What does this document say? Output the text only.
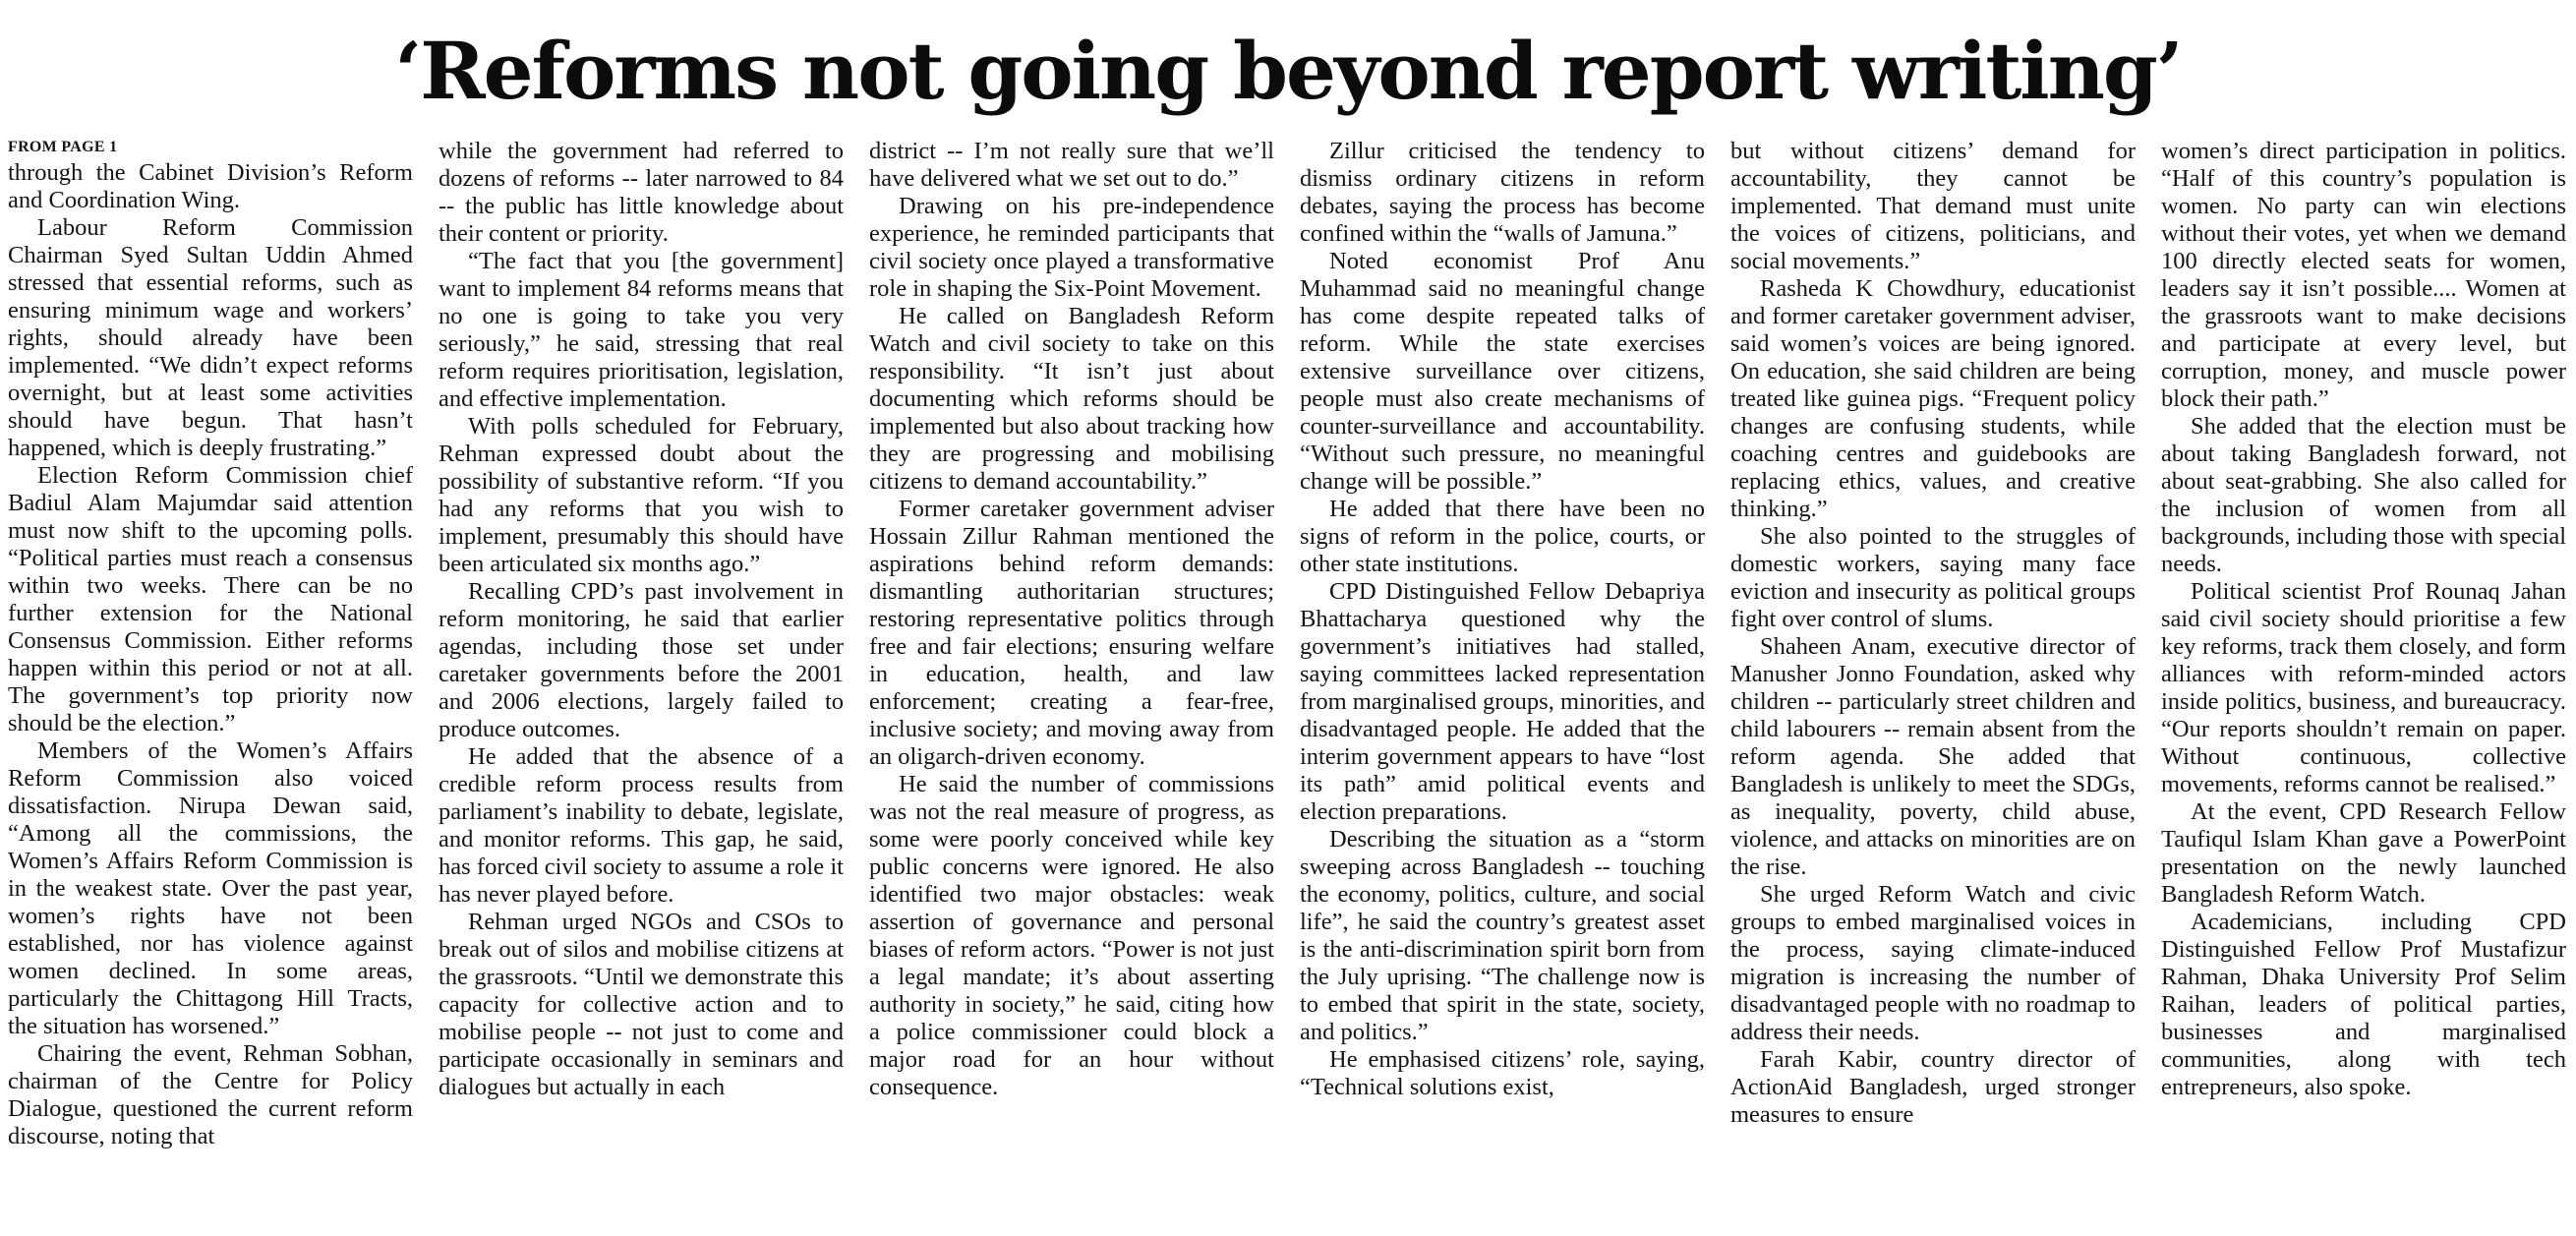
‘Reforms not going beyond report writing’
FROM PAGE 1

through the Cabinet Division’s Reform and Coordination Wing.

Labour Reform Commission Chairman Syed Sultan Uddin Ahmed stressed that essential reforms, such as ensuring minimum wage and workers’ rights, should already have been implemented. “We didn’t expect reforms overnight, but at least some activities should have begun. That hasn’t happened, which is deeply frustrating.”

Election Reform Commission chief Badiul Alam Majumdar said attention must now shift to the upcoming polls. “Political parties must reach a consensus within two weeks. There can be no further extension for the National Consensus Commission. Either reforms happen within this period or not at all. The government’s top priority now should be the election.”

Members of the Women’s Affairs Reform Commission also voiced dissatisfaction. Nirupa Dewan said, “Among all the commissions, the Women’s Affairs Reform Commission is in the weakest state. Over the past year, women’s rights have not been established, nor has violence against women declined. In some areas, particularly the Chittagong Hill Tracts, the situation has worsened.”

Chairing the event, Rehman Sobhan, chairman of the Centre for Policy Dialogue, questioned the current reform discourse, noting that

while the government had referred to dozens of reforms -- later narrowed to 84 -- the public has little knowledge about their content or priority.

“The fact that you [the government] want to implement 84 reforms means that no one is going to take you very seriously,” he said, stressing that real reform requires prioritisation, legislation, and effective implementation.

With polls scheduled for February, Rehman expressed doubt about the possibility of substantive reform. “If you had any reforms that you wish to implement, presumably this should have been articulated six months ago.”

Recalling CPD’s past involvement in reform monitoring, he said that earlier agendas, including those set under caretaker governments before the 2001 and 2006 elections, largely failed to produce outcomes.

He added that the absence of a credible reform process results from parliament’s inability to debate, legislate, and monitor reforms. This gap, he said, has forced civil society to assume a role it has never played before.

Rehman urged NGOs and CSOs to break out of silos and mobilise citizens at the grassroots. “Until we demonstrate this capacity for collective action and to mobilise people -- not just to come and participate occasionally in seminars and dialogues but actually in each

district -- I’m not really sure that we’ll have delivered what we set out to do.”

Drawing on his pre-independence experience, he reminded participants that civil society once played a transformative role in shaping the Six-Point Movement.

He called on Bangladesh Reform Watch and civil society to take on this responsibility. “It isn’t just about documenting which reforms should be implemented but also about tracking how they are progressing and mobilising citizens to demand accountability.”

Former caretaker government adviser Hossain Zillur Rahman mentioned the aspirations behind reform demands: dismantling authoritarian structures; restoring representative politics through free and fair elections; ensuring welfare in education, health, and law enforcement; creating a fear-free, inclusive society; and moving away from an oligarch-driven economy.

He said the number of commissions was not the real measure of progress, as some were poorly conceived while key public concerns were ignored. He also identified two major obstacles: weak assertion of governance and personal biases of reform actors. “Power is not just a legal mandate; it’s about asserting authority in society,” he said, citing how a police commissioner could block a major road for an hour without consequence.

Zillur criticised the tendency to dismiss ordinary citizens in reform debates, saying the process has become confined within the “walls of Jamuna.”

Noted economist Prof Anu Muhammad said no meaningful change has come despite repeated talks of reform. While the state exercises extensive surveillance over citizens, people must also create mechanisms of counter-surveillance and accountability. “Without such pressure, no meaningful change will be possible.”

He added that there have been no signs of reform in the police, courts, or other state institutions.

CPD Distinguished Fellow Debapriya Bhattacharya questioned why the government’s initiatives had stalled, saying committees lacked representation from marginalised groups, minorities, and disadvantaged people. He added that the interim government appears to have “lost its path” amid political events and election preparations.

Describing the situation as a “storm sweeping across Bangladesh -- touching the economy, politics, culture, and social life”, he said the country’s greatest asset is the anti-discrimination spirit born from the July uprising. “The challenge now is to embed that spirit in the state, society, and politics.”

He emphasised citizens’ role, saying, “Technical solutions exist,

but without citizens’ demand for accountability, they cannot be implemented. That demand must unite the voices of citizens, politicians, and social movements.”

Rasheda K Chowdhury, educationist and former caretaker government adviser, said women’s voices are being ignored. On education, she said children are being treated like guinea pigs. “Frequent policy changes are confusing students, while coaching centres and guidebooks are replacing ethics, values, and creative thinking.”

She also pointed to the struggles of domestic workers, saying many face eviction and insecurity as political groups fight over control of slums.

Shaheen Anam, executive director of Manusher Jonno Foundation, asked why children -- particularly street children and child labourers -- remain absent from the reform agenda. She added that Bangladesh is unlikely to meet the SDGs, as inequality, poverty, child abuse, violence, and attacks on minorities are on the rise.

She urged Reform Watch and civic groups to embed marginalised voices in the process, saying climate-induced migration is increasing the number of disadvantaged people with no roadmap to address their needs.

Farah Kabir, country director of ActionAid Bangladesh, urged stronger measures to ensure

women’s direct participation in politics. “Half of this country’s population is women. No party can win elections without their votes, yet when we demand 100 directly elected seats for women, leaders say it isn’t possible.... Women at the grassroots want to make decisions and participate at every level, but corruption, money, and muscle power block their path.”

She added that the election must be about taking Bangladesh forward, not about seat-grabbing. She also called for the inclusion of women from all backgrounds, including those with special needs.

Political scientist Prof Rounaq Jahan said civil society should prioritise a few key reforms, track them closely, and form alliances with reform-minded actors inside politics, business, and bureaucracy. “Our reports shouldn’t remain on paper. Without continuous, collective movements, reforms cannot be realised.”

At the event, CPD Research Fellow Taufiqul Islam Khan gave a PowerPoint presentation on the newly launched Bangladesh Reform Watch.

Academicians, including CPD Distinguished Fellow Prof Mustafizur Rahman, Dhaka University Prof Selim Raihan, leaders of political parties, businesses and marginalised communities, along with tech entrepreneurs, also spoke.
